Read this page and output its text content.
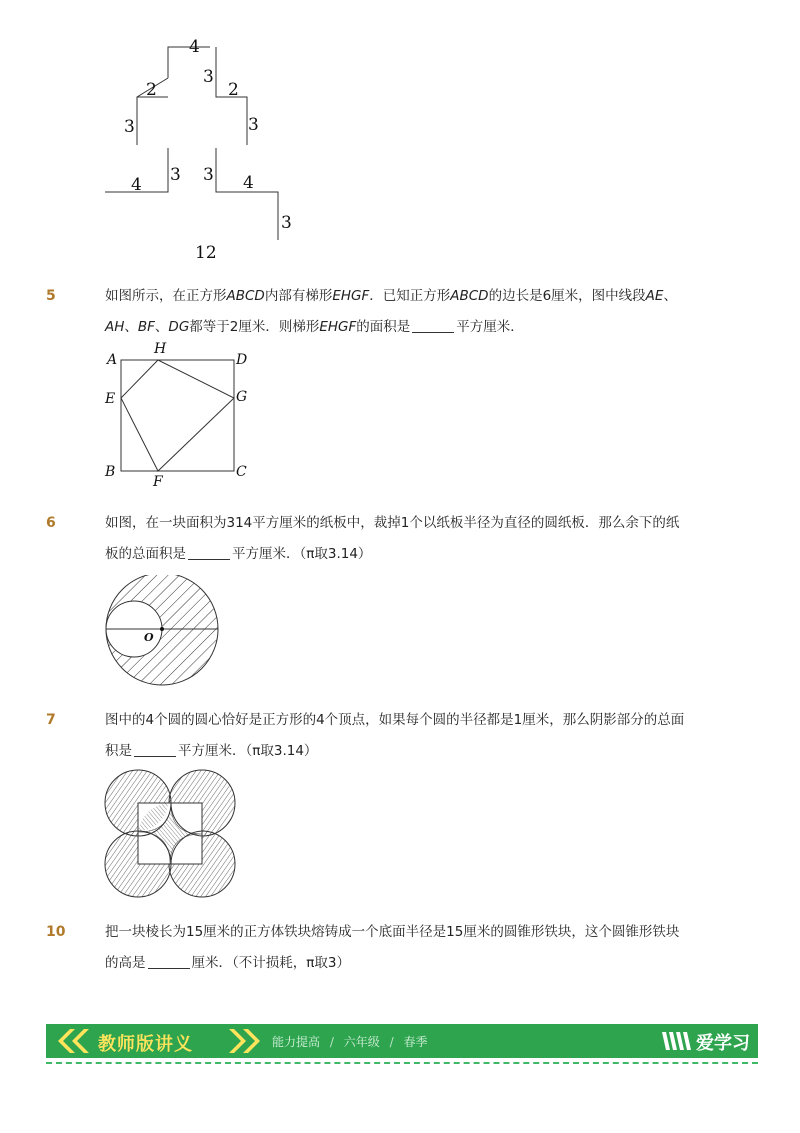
4
3
2	2
3	3
4 3 3 4
3
12
5	如图所示，在正方形ABCD内部有梯形EHGF．已知正方形ABCD的边长是6厘米，图中线段AE、
AH、BF、DG都等于2厘米．则梯形EHGF的面积是	平方厘米．
A
H
D
E	G
B
F
C
6	如图，在一块面积为314平方厘米的纸板中，裁掉1个以纸板半径为直径的圆纸板．那么余下的纸
板的总面积是	平方厘米．（π取3.14）
O
7	图中的4个圆的圆心恰好是正方形的4个顶点，如果每个圆的半径都是1厘米，那么阴影部分的总面
积是	平方厘米．（π取3.14）
10	把一块棱长为15厘米的正方体铁块熔铸成一个底面半径是15厘米的圆锥形铁块，这个圆锥形铁块
的高是	厘米．（不计损耗，π取3）
教师版讲义	能力提高 / 六年级 / 春季	爱学习
